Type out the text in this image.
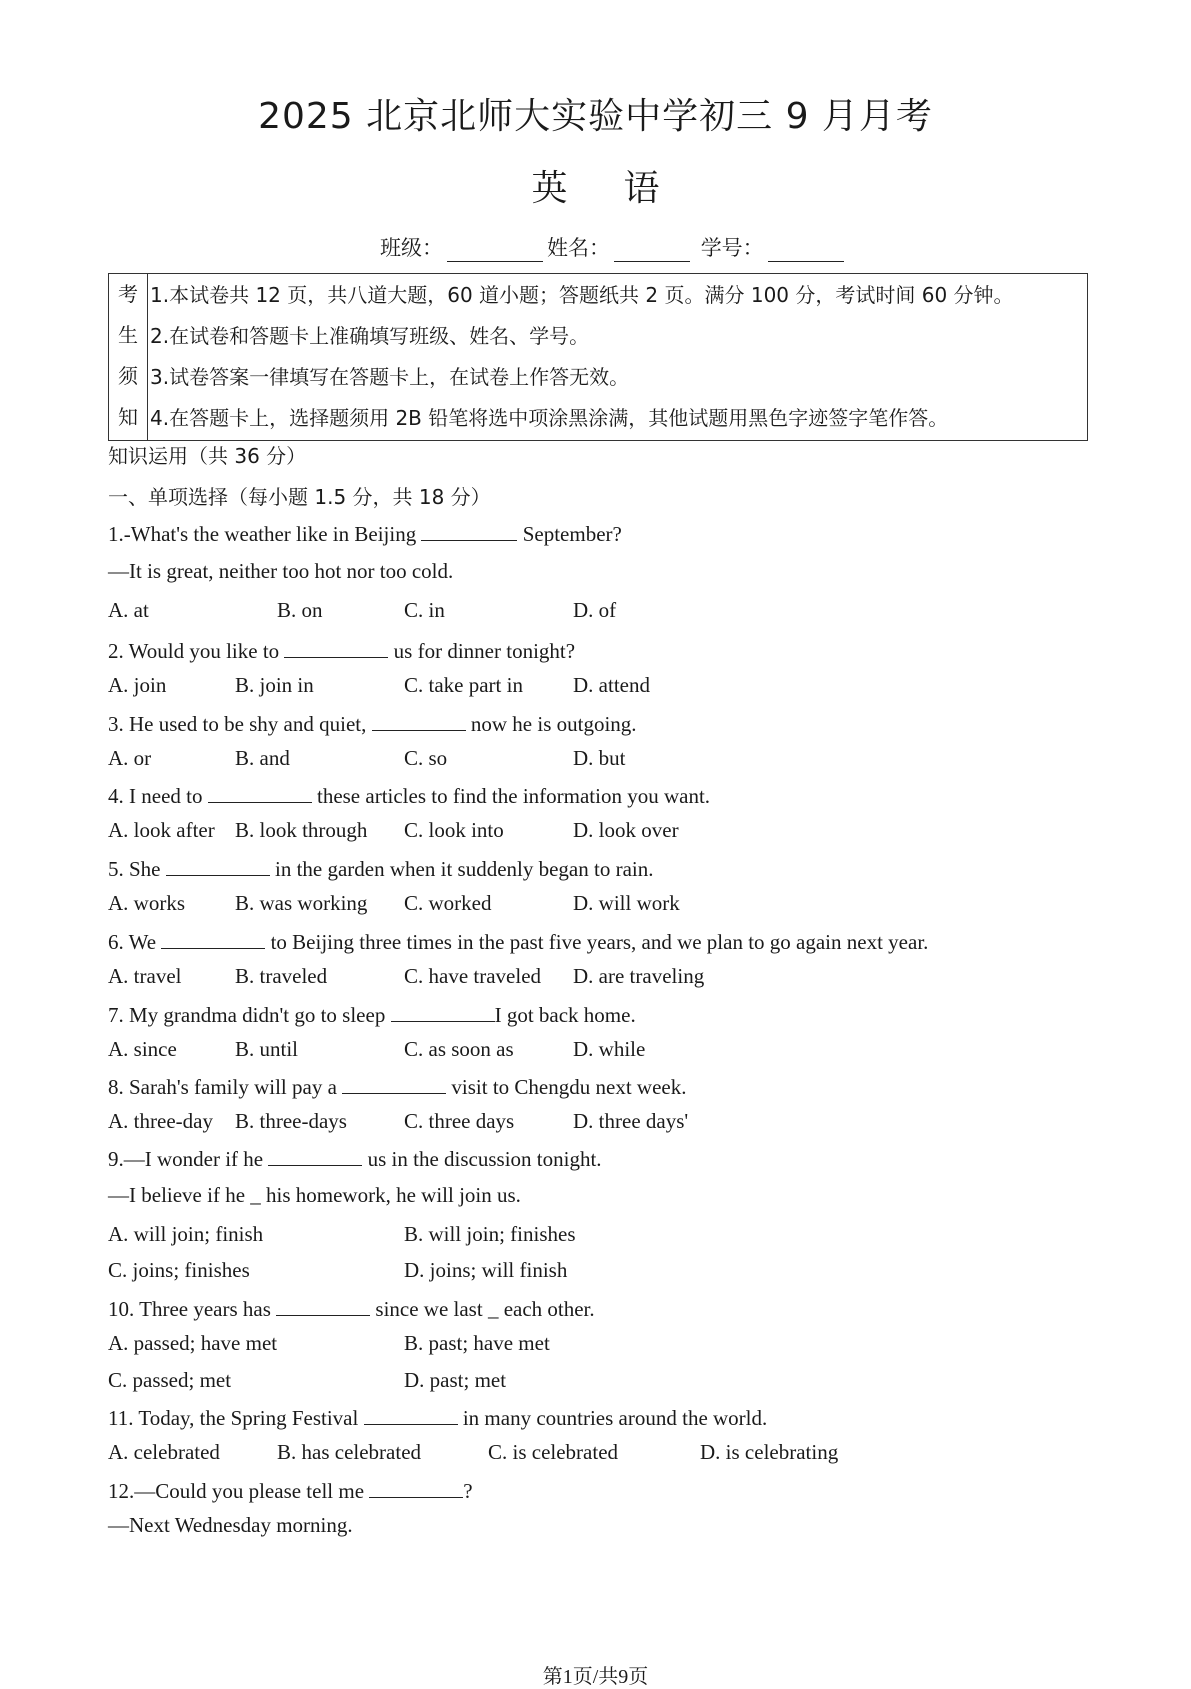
2025 北京北师大实验中学初三 9 月月考
英语
班级：	姓名：	学号：
考
生
须
知

1.本试卷共 12 页，共八道大题，60 道小题；答题纸共 2 页。满分 100 分，考试时间 60 分钟。
2.在试卷和答题卡上准确填写班级、姓名、学号。
3.试卷答案一律填写在答题卡上，在试卷上作答无效。
4.在答题卡上，选择题须用 2B 铅笔将选中项涂黑涂满，其他试题用黑色字迹签字笔作答。
知识运用（共 36 分）
一、单项选择（每小题 1.5 分，共 18 分）
1.-What's the weather like in Beijing	September?
—It is great, neither too hot nor too cold.
A. at	B. on	C. in	D. of
2. Would you like to	us for dinner tonight?
A. join	B. join in	C. take part in D. attend
3. He used to be shy and quiet,	now he is outgoing.
A. or	B. and	C. so	D. but
4. I need to	these articles to find the information you want.
A. look after B. look through C. look into	D. look over
5. She	in the garden when it suddenly began to rain.
A. works B. was working C. worked	D. will work
6. We	to Beijing three times in the past five years, and we plan to go again next year.
A. travel	B. traveled	C. have traveled D. are traveling
7. My grandma didn't go to sleep	I got back home.
A. since	B. until	C. as soon as	D. while
8. Sarah's family will pay a	visit to Chengdu next week.
A. three-day B. three-days	C. three days	D. three days'
9.—I wonder if he	us in the discussion tonight.
—I believe if he _ his homework, he will join us.
A. will join; finish	B. will join; finishes
C. joins; finishes	D. joins; will finish
10. Three years has	since we last _ each other.
A. passed; have met	B. past; have met
C. passed; met	D. past; met
11. Today, the Spring Festival	in many countries around the world.
A. celebrated	B. has celebrated	C. is celebrated	D. is celebrating
12.—Could you please tell me	?
—Next Wednesday morning.
第1页/共9页
